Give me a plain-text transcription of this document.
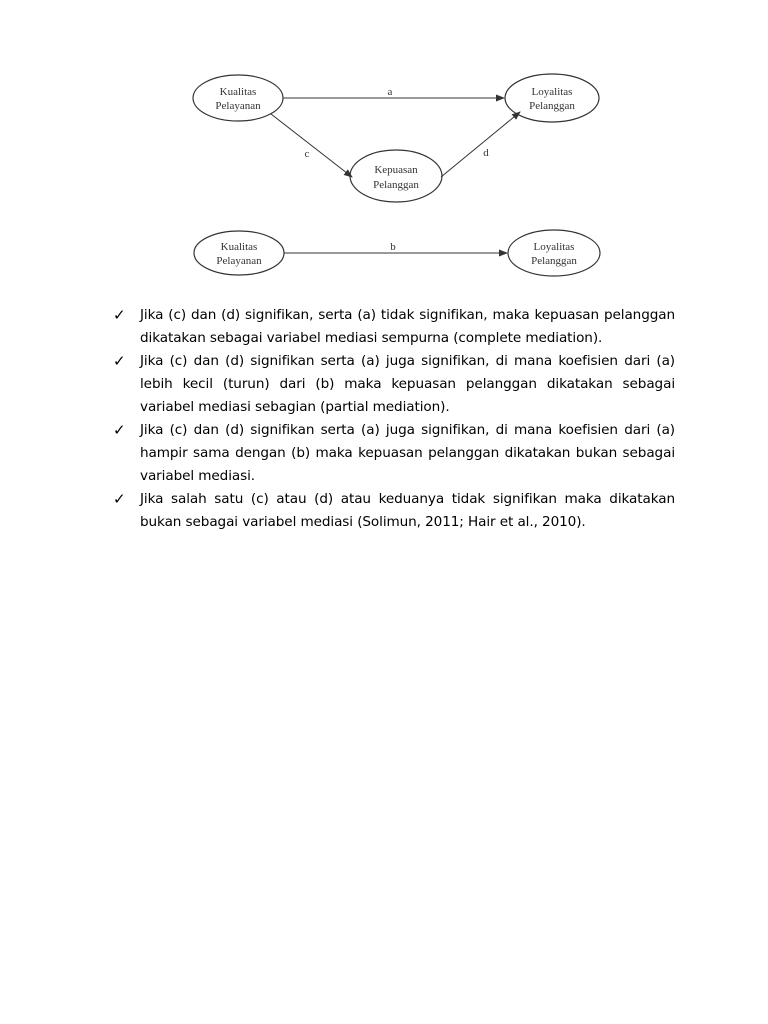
Kualitas
Pelayanan
Loyalitas
Pelanggan
Kepuasan
Pelanggan
a
c	d
Kualitas
Pelayanan
Loyalitas
Pelanggan
b
✓ Jika (c) dan (d) signifikan, serta (a) tidak signifikan, maka kepuasan pelanggan dikatakan sebagai variabel mediasi sempurna (complete mediation).
✓ Jika (c) dan (d) signifikan serta (a) juga signifikan, di mana koefisien dari (a) lebih kecil (turun) dari (b) maka kepuasan pelanggan dikatakan sebagai variabel mediasi sebagian (partial mediation).
✓ Jika (c) dan (d) signifikan serta (a) juga signifikan, di mana koefisien dari (a) hampir sama dengan (b) maka kepuasan pelanggan dikatakan bukan sebagai variabel mediasi.
✓ Jika salah satu (c) atau (d) atau keduanya tidak signifikan maka dikatakan bukan sebagai variabel mediasi (Solimun, 2011; Hair et al., 2010).
